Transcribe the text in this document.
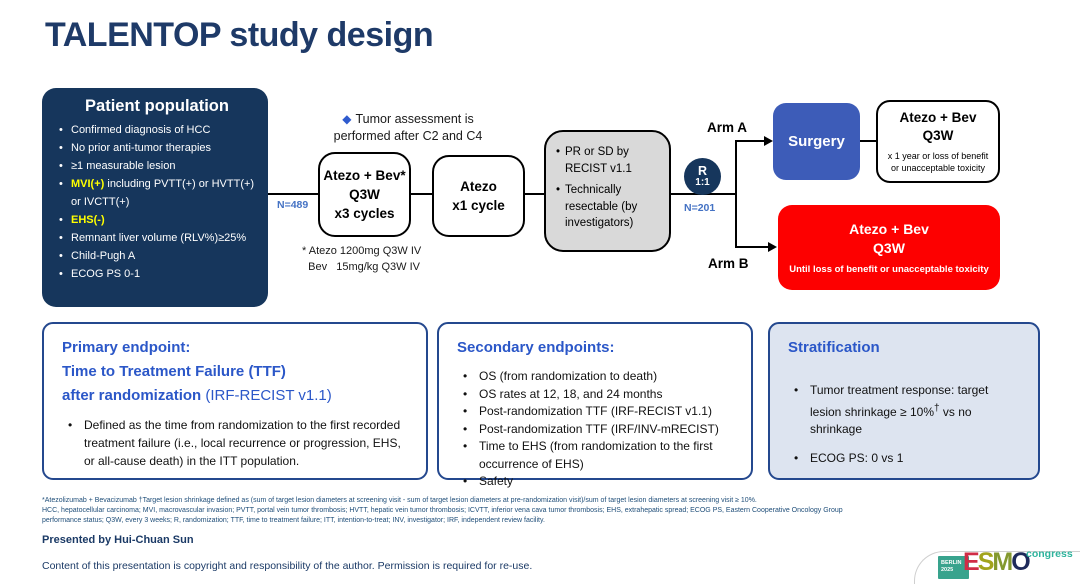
TALENTOP study design
Patient population
• Confirmed diagnosis of HCC
• No prior anti-tumor therapies
• ≥1 measurable lesion
• MVI(+) including PVTT(+) or HVTT(+) or IVCTT(+)
• EHS(-)
• Remnant liver volume (RLV%)≥25%
• Child-Pugh A
• ECOG PS 0-1
N=489
◆ Tumor assessment is
performed after C2 and C4
Atezo + Bev*
Q3W
x3 cycles
* Atezo 1200mg Q3W IV
Bev   15mg/kg Q3W IV
Atezo
x1 cycle
• PR or SD by RECIST v1.1
• Technically resectable (by investigators)
R
1:1
N=201
Arm A
Arm B
Surgery
Atezo + Bev
Q3W
x 1 year or loss of benefit
or unacceptable toxicity
Atezo + Bev
Q3W
Until loss of benefit or unacceptable toxicity
Primary endpoint:
Time to Treatment Failure (TTF)
after randomization (IRF-RECIST v1.1)
• Defined as the time from randomization to the first recorded treatment failure (i.e., local recurrence or progression, EHS, or all-cause death) in the ITT population.
Secondary endpoints:
• OS (from randomization to death)
• OS rates at 12, 18, and 24 months
• Post-randomization TTF (IRF-RECIST v1.1)
• Post-randomization TTF (IRF/INV-mRECIST)
• Time to EHS (from randomization to the first occurrence of EHS)
• Safety
Stratification
• Tumor treatment response: target lesion shrinkage ≥ 10%† vs no shrinkage
• ECOG PS: 0 vs 1
*Atezolizumab + Bevacizumab †Target lesion shrinkage defined as (sum of target lesion diameters at screening visit - sum of target lesion diameters at pre-randomization visit)/sum of target lesion diameters at screening visit ≥ 10%.
HCC, hepatocellular carcinoma; MVI, macrovascular invasion; PVTT, portal vein tumor thrombosis; HVTT, hepatic vein tumor thrombosis; ICVTT, inferior vena cava tumor thrombosis; EHS, extrahepatic spread; ECOG PS, Eastern Cooperative Oncology Group
performance status; Q3W, every 3 weeks; R, randomization; TTF, time to treatment failure; ITT, intention-to-treat; INV, investigator; IRF, independent review facility.
Presented by Hui-Chuan Sun
Content of this presentation is copyright and responsibility of the author. Permission is required for re-use.	BERLIN
2025 ESMO
congress
